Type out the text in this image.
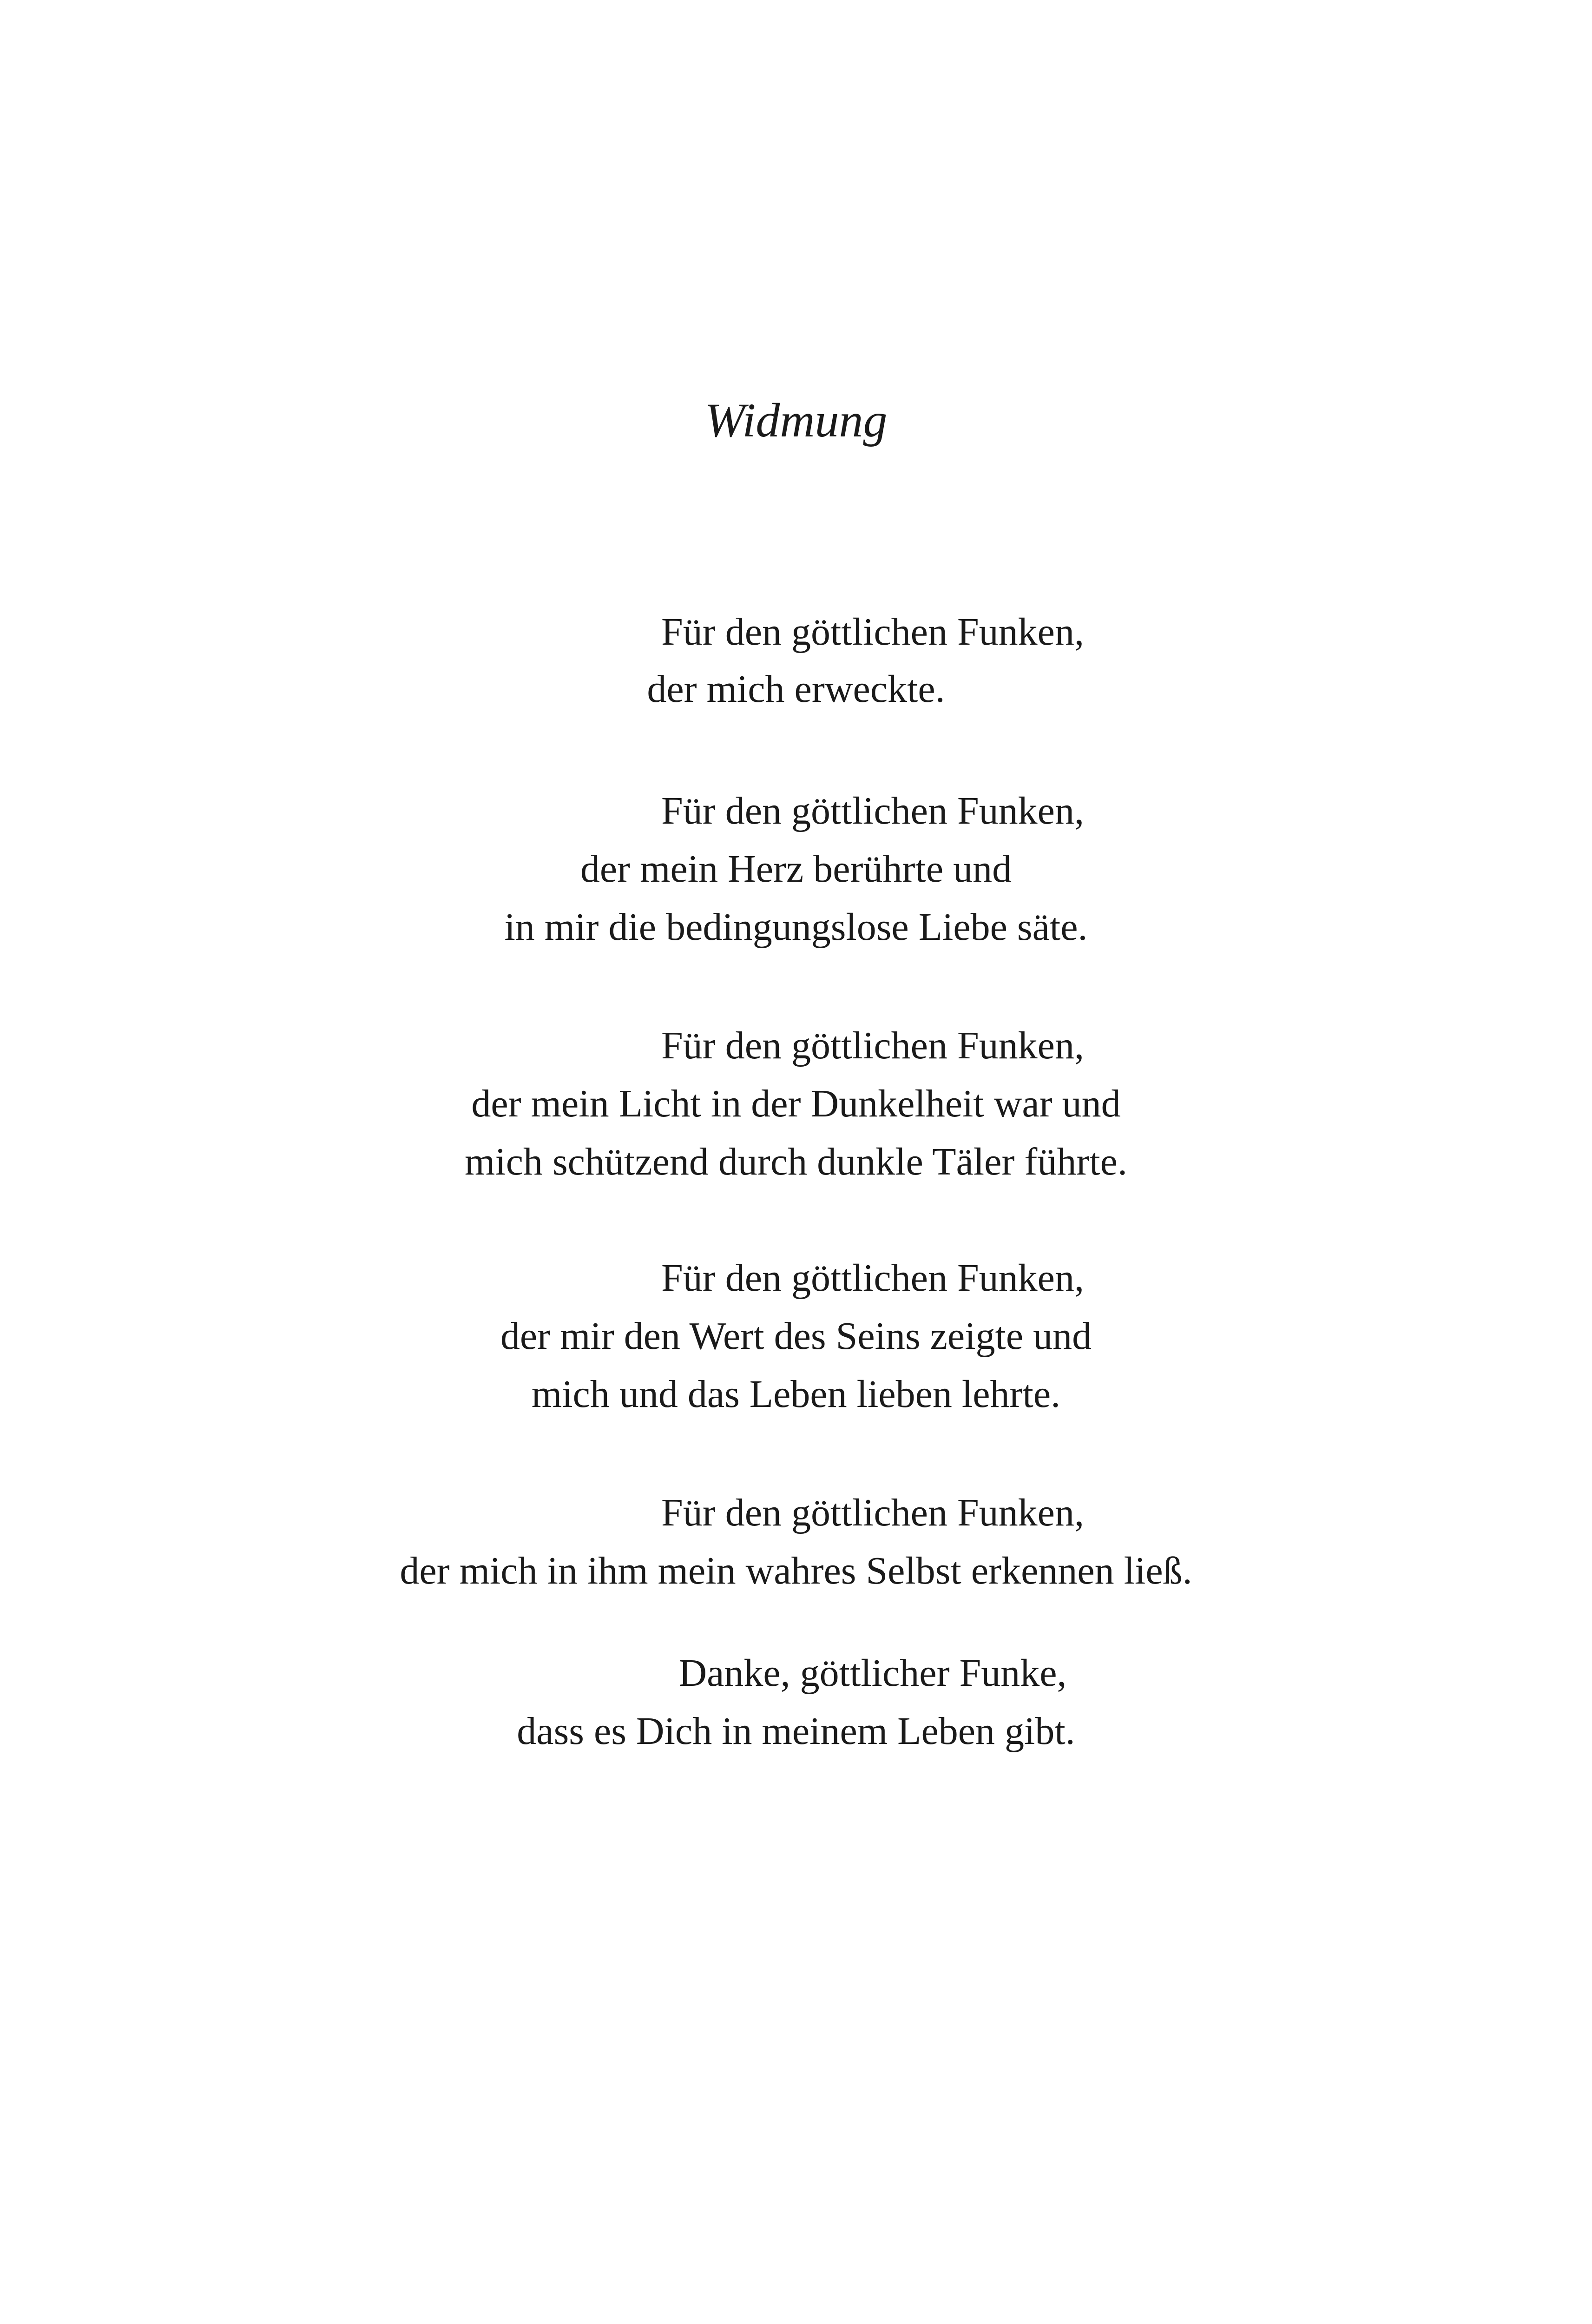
Widmung
Für den göttlichen Funken,
der mich erweckte.
Für den göttlichen Funken,
der mein Herz berührte und
in mir die bedingungslose Liebe säte.
Für den göttlichen Funken,
der mein Licht in der Dunkelheit war und
mich schützend durch dunkle Täler führte.
Für den göttlichen Funken,
der mir den Wert des Seins zeigte und
mich und das Leben lieben lehrte.
Für den göttlichen Funken,
der mich in ihm mein wahres Selbst erkennen ließ.
Danke, göttlicher Funke,
dass es Dich in meinem Leben gibt.
